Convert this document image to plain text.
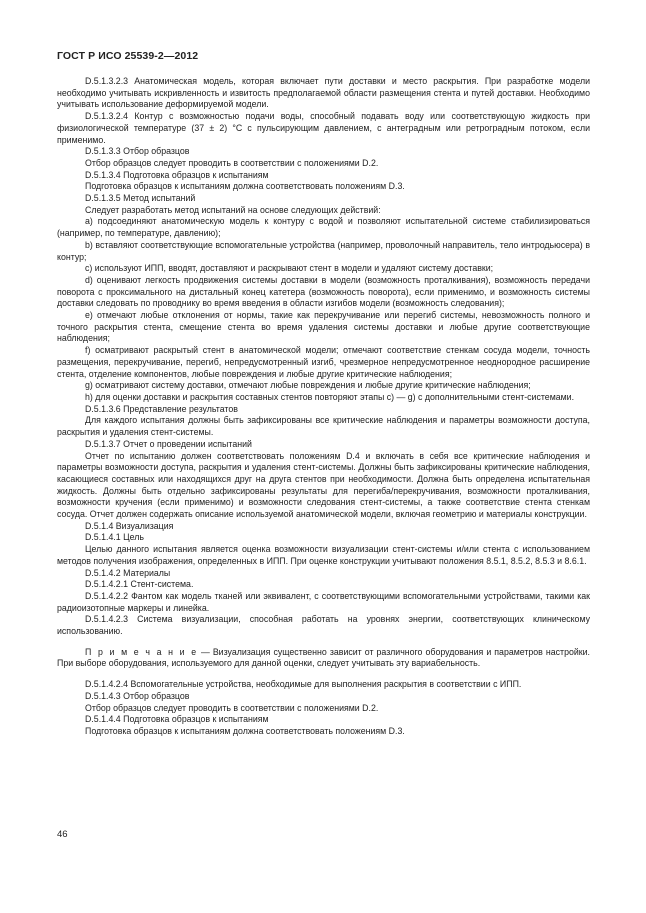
ГОСТ Р ИСО 25539-2—2012

D.5.1.3.2.3 Анатомическая модель, которая включает пути доставки и место раскрытия. При разработке модели необходимо учитывать искривленность и извитость предполагаемой области размещения стента и путей доставки. Необходимо учитывать использование деформируемой модели.

D.5.1.3.2.4 Контур с возможностью подачи воды, способный подавать воду или соответствующую жидкость при физиологической температуре (37 ± 2) °С с пульсирующим давлением, с антеградным или ретроградным потоком, если применимо.

D.5.1.3.3 Отбор образцов

Отбор образцов следует проводить в соответствии с положениями D.2.

D.5.1.3.4 Подготовка образцов к испытаниям

Подготовка образцов к испытаниям должна соответствовать положениям D.3.

D.5.1.3.5 Метод испытаний

Следует разработать метод испытаний на основе следующих действий:

а) подсоединяют анатомическую модель к контуру с водой и позволяют испытательной системе стабилизироваться (например, по температуре, давлению);

b) вставляют соответствующие вспомогательные устройства (например, проволочный направитель, тело интродьюсера) в контур;

с) используют ИПП, вводят, доставляют и раскрывают стент в модели и удаляют систему доставки;

d) оценивают легкость продвижения системы доставки в модели (возможность проталкивания), возможность передачи поворота с проксимального на дистальный конец катетера (возможность поворота), если применимо, и возможность системы доставки следовать по проводнику во время введения в области изгибов модели (возможность следования);

е) отмечают любые отклонения от нормы, такие как перекручивание или перегиб системы, невозможность полного и точного раскрытия стента, смещение стента во время удаления системы доставки и любые другие соответствующие наблюдения;

f) осматривают раскрытый стент в анатомической модели; отмечают соответствие стенкам сосуда модели, точность размещения, перекручивание, перегиб, непредусмотренный изгиб, чрезмерное непредусмотренное неоднородное расширение стента, отделение компонентов, любые повреждения и любые другие критические наблюдения;

g) осматривают систему доставки, отмечают любые повреждения и любые другие критические наблюдения;

h) для оценки доставки и раскрытия составных стентов повторяют этапы с) — g) с дополнительными стент-системами.

D.5.1.3.6 Представление результатов

Для каждого испытания должны быть зафиксированы все критические наблюдения и параметры возможности доступа, раскрытия и удаления стент-системы.

D.5.1.3.7 Отчет о проведении испытаний

Отчет по испытанию должен соответствовать положениям D.4 и включать в себя все критические наблюдения и параметры возможности доступа, раскрытия и удаления стент-системы. Должны быть зафиксированы критические наблюдения, касающиеся составных или находящихся друг на друга стентов при необходимости. Должна быть определена испытательная жидкость. Должны быть отдельно зафиксированы результаты для перегиба/перекручивания, возможности проталкивания, возможности кручения (если применимо) и возможности следования стент-системы, а также соответствие стента стенкам сосуда. Отчет должен содержать описание используемой анатомической модели, включая геометрию и материалы конструкции.

D.5.1.4 Визуализация

D.5.1.4.1 Цель

Целью данного испытания является оценка возможности визуализации стент-системы и/или стента с использованием методов получения изображения, определенных в ИПП. При оценке конструкции учитывают положения 8.5.1, 8.5.2, 8.5.3 и 8.6.1.

D.5.1.4.2 Материалы

D.5.1.4.2.1 Стент-система.

D.5.1.4.2.2 Фантом как модель тканей или эквивалент, с соответствующими вспомогательными устройствами, такими как радиоизотопные маркеры и линейка.

D.5.1.4.2.3 Система визуализации, способная работать на уровнях энергии, соответствующих клиническому использованию.

П р и м е ч а н и е — Визуализация существенно зависит от различного оборудования и параметров настройки. При выборе оборудования, используемого для данной оценки, следует учитывать эту вариабельность.

D.5.1.4.2.4 Вспомогательные устройства, необходимые для выполнения раскрытия в соответствии с ИПП.

D.5.1.4.3 Отбор образцов

Отбор образцов следует проводить в соответствии с положениями D.2.

D.5.1.4.4 Подготовка образцов к испытаниям

Подготовка образцов к испытаниям должна соответствовать положениям D.3.

46
